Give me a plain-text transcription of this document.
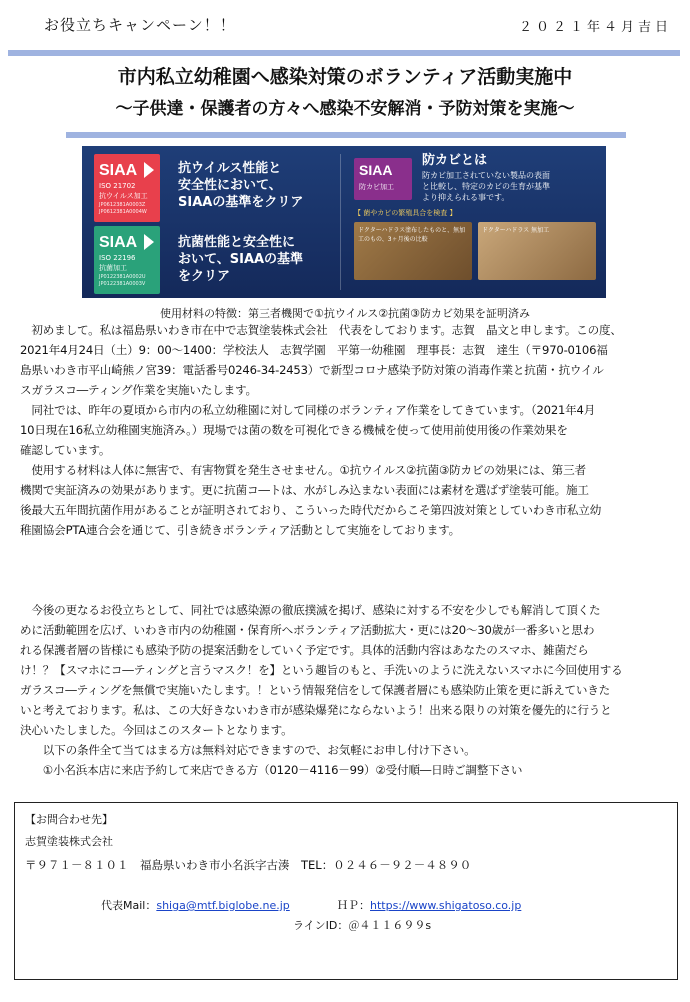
お役立ちキャンペーン！！	２０２１年４月吉日
市内私立幼稚園へ感染対策のボランティア活動実施中
～子供達・保護者の方々へ感染不安解消・予防対策を実施～
SIAA
ISO 21702
抗ウイルス加工
JP0612381A0003Z
JP0612381A0004W
抗ウイルス性能と
安全性において、
SIAAの基準をクリア
SIAA
ISO 22196
抗菌加工
JP0122381A0002U
JP0122381A0003V
抗菌性能と安全性に
おいて、SIAAの基準
をクリア
SIAA
防カビ加工
防カビとは
防カビ加工されていない製品の表面
と比較し、特定のカビの生育が基準
より抑えられる事です。
【 菌やカビの繁殖具合を検査 】
ドクターハドラス塗布したものと、無加工のもの、3ヶ月後の比較
ドクターハドラス 無加工
使用材料の特徴：第三者機関で①抗ウイルス②抗菌③防カビ効果を証明済み

　初めまして。私は福島県いわき市在中で志賀塗装株式会社　代表をしております。志賀　晶文と申します。この度、

2021年4月24日（土）9：00～1400：学校法人　志賀学園　平第一幼稚園　理事長：志賀　達生（〒970-0106福

島県いわき市平山崎熊ノ宮39：電話番号0246-34-2453）で新型コロナ感染予防対策の消毒作業と抗菌・抗ウイル

スガラスコ―ティング作業を実施いたします。

　同社では、昨年の夏頃から市内の私立幼稚園に対して同様のボランティア作業をしてきています。（2021年4月

10日現在16私立幼稚園実施済み。）現場では菌の数を可視化できる機械を使って使用前使用後の作業効果を

確認しています。

　使用する材料は人体に無害で、有害物質を発生させません。①抗ウイルス②抗菌③防カビの効果には、第三者

機関で実証済みの効果があります。更に抗菌コ―トは、水がしみ込まない表面には素材を選ばず塗装可能。施工

後最大五年間抗菌作用があることが証明されており、こういった時代だからこそ第四波対策としていわき市私立幼

稚園協会PTA連合会を通じて、引き続きボランティア活動として実施をしております。

　今後の更なるお役立ちとして、同社では感染源の徹底撲滅を掲げ、感染に対する不安を少しでも解消して頂くた

めに活動範囲を広げ、いわき市内の幼稚園・保育所へボランティア活動拡大・更には20～30歳が一番多いと思わ

れる保護者層の皆様にも感染予防の提案活動をしていく予定です。具体的活動内容はあなたのスマホ、雑菌だら

け！？【スマホにコ―ティングと言うマスク！を】という趣旨のもと、手洗いのように洗えないスマホに今回使用する

ガラスコ―ティングを無償で実施いたします。！という情報発信をして保護者層にも感染防止策を更に訴えていきた

いと考えております。私は、この大好きないわき市が感染爆発にならないよう！出来る限りの対策を優先的に行うと

決心いたしました。今回はこのスタートとなります。

　　以下の条件全て当てはまる方は無料対応できますので、お気軽にお申し付け下さい。

　　①小名浜本店に来店予約して来店できる方（0120－4116－99）②受付順―日時ご調整下さい

【お問合わせ先】
志賀塗装株式会社
〒９７１－８１０１　福島県いわき市小名浜字古湊　TEL：０２４６－９２－４８９０
代表Mail：shiga@mtf.biglobe.ne.jp	ＨＰ：https://www.shigatoso.co.jp
ラインID：＠４１１６９９s
